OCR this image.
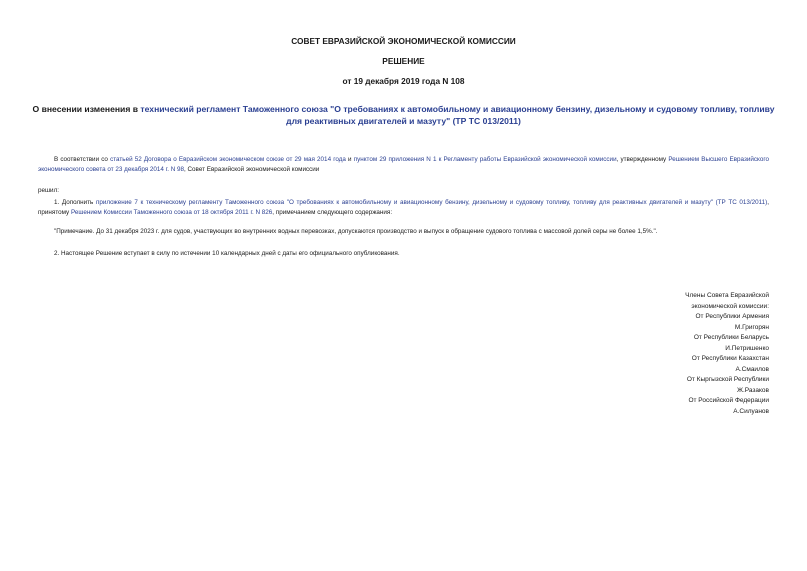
СОВЕТ ЕВРАЗИЙСКОЙ ЭКОНОМИЧЕСКОЙ КОМИССИИ
РЕШЕНИЕ
от 19 декабря 2019 года N 108
О внесении изменения в технический регламент Таможенного союза "О требованиях к автомобильному и авиационному бензину, дизельному и судовому топливу, топливу для реактивных двигателей и мазуту" (ТР ТС 013/2011)
В соответствии со статьей 52 Договора о Евразийском экономическом союзе от 29 мая 2014 года и пунктом 29 приложения N 1 к Регламенту работы Евразийской экономической комиссии, утвержденному Решением Высшего Евразийского экономического совета от 23 декабря 2014 г. N 98, Совет Евразийской экономической комиссии
решил:
1. Дополнить приложение 7 к техническому регламенту Таможенного союза "О требованиях к автомобильному и авиационному бензину, дизельному и судовому топливу, топливу для реактивных двигателей и мазуту" (ТР ТС 013/2011), принятому Решением Комиссии Таможенного союза от 18 октября 2011 г. N 826, примечанием следующего содержания:
"Примечание. До 31 декабря 2023 г. для судов, участвующих во внутренних водных перевозках, допускаются производство и выпуск в обращение судового топлива с массовой долей серы не более 1,5%.".
2. Настоящее Решение вступает в силу по истечении 10 календарных дней с даты его официального опубликования.
Члены Совета Евразийской
экономической комиссии:
От Республики Армения
М.Григорян
От Республики Беларусь
И.Петришенко
От Республики Казахстан
А.Смаилов
От Кыргызской Республики
Ж.Разаков
От Российской Федерации
А.Силуанов
